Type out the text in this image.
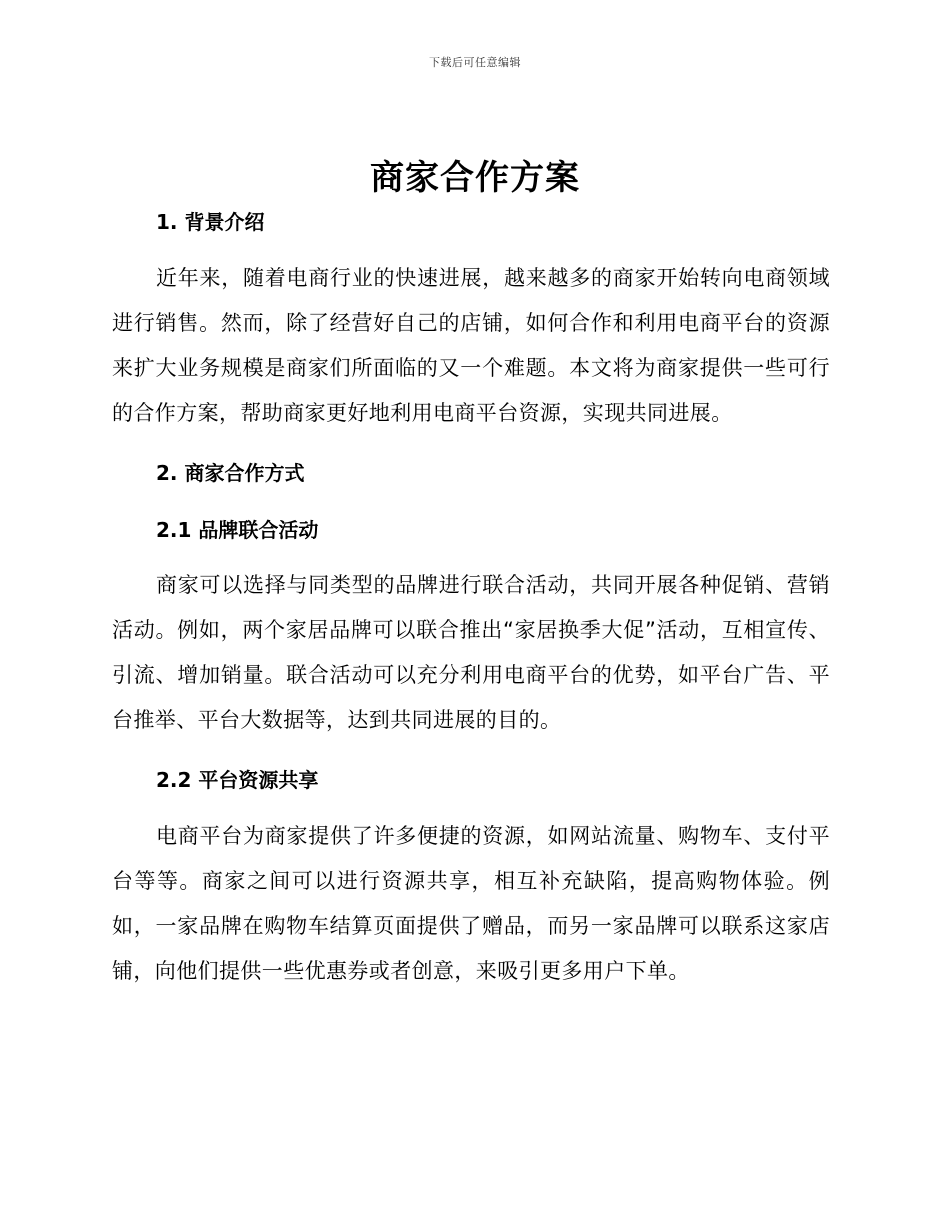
下载后可任意编辑
商家合作方案
1. 背景介绍
近年来，随着电商行业的快速进展，越来越多的商家开始转向电商领域进行销售。然而，除了经营好自己的店铺，如何合作和利用电商平台的资源来扩大业务规模是商家们所面临的又一个难题。本文将为商家提供一些可行的合作方案，帮助商家更好地利用电商平台资源，实现共同进展。
2. 商家合作方式
2.1 品牌联合活动
商家可以选择与同类型的品牌进行联合活动，共同开展各种促销、营销活动。例如，两个家居品牌可以联合推出“家居换季大促”活动，互相宣传、引流、增加销量。联合活动可以充分利用电商平台的优势，如平台广告、平台推举、平台大数据等，达到共同进展的目的。
2.2 平台资源共享
电商平台为商家提供了许多便捷的资源，如网站流量、购物车、支付平台等等。商家之间可以进行资源共享，相互补充缺陷，提高购物体验。例如，一家品牌在购物车结算页面提供了赠品，而另一家品牌可以联系这家店铺，向他们提供一些优惠券或者创意，来吸引更多用户下单。
